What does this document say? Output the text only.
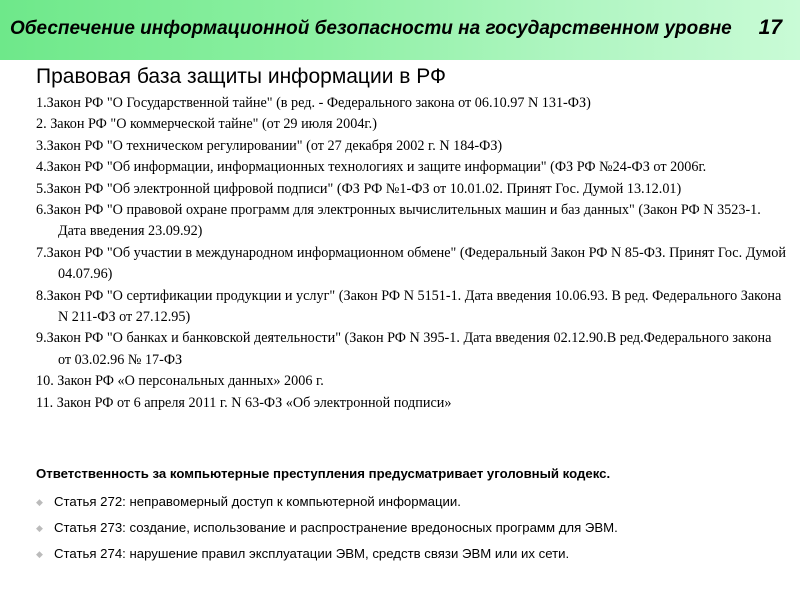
Обеспечение информационной безопасности на государственном уровне 17
Правовая база защиты информации в РФ
1.Закон РФ "О Государственной тайне" (в ред. - Федерального закона от 06.10.97 N 131-ФЗ)
2. Закон РФ "О коммерческой тайне" (от 29 июля 2004г.)
3.Закон РФ "О техническом регулировании" (от 27 декабря 2002 г. N 184-ФЗ)
4.Закон РФ "Об информации, информационных технологиях и защите информации" (ФЗ РФ №24-ФЗ от 2006г.
5.Закон РФ "Об электронной цифровой подписи" (ФЗ РФ №1-ФЗ от 10.01.02. Принят Гос. Думой 13.12.01)
6.Закон РФ "О правовой охране программ для электронных вычислительных машин и баз данных" (Закон РФ N 3523-1. Дата введения 23.09.92)
7.Закон РФ "Об участии в международном информационном обмене" (Федеральный Закон РФ N 85-ФЗ. Принят Гос. Думой 04.07.96)
8.Закон РФ "О сертификации продукции и услуг" (Закон РФ N 5151-1. Дата введения 10.06.93. В ред. Федерального Закона N 211-ФЗ от 27.12.95)
9.Закон РФ "О банках и банковской деятельности" (Закон РФ N 395-1. Дата введения 02.12.90.В ред.Федерального закона от 03.02.96 № 17-ФЗ
10. Закон РФ «О персональных данных» 2006 г.
11. Закон РФ от 6 апреля 2011 г. N 63-ФЗ «Об электронной подписи»
Ответственность за компьютерные преступления предусматривает уголовный кодекс.
◆ Статья 272: неправомерный доступ к компьютерной информации.
◆ Статья 273: создание, использование и распространение вредоносных программ для ЭВМ.
◆ Статья 274: нарушение правил эксплуатации ЭВМ, средств связи ЭВМ или их сети.
